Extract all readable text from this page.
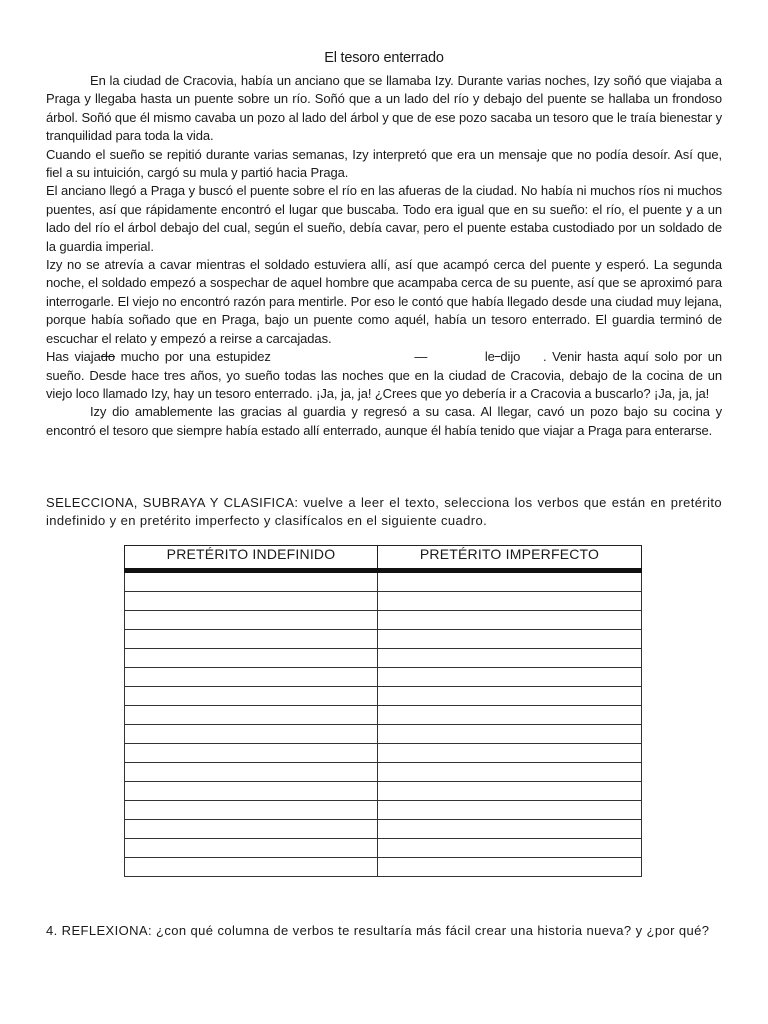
El tesoro enterrado

En la ciudad de Cracovia, había un anciano que se llamaba Izy. Durante varias noches, Izy soñó que viajaba a Praga y llegaba hasta un puente sobre un río. Soñó que a un lado del río y debajo del puente se hallaba un frondoso árbol. Soñó que él mismo cavaba un pozo al lado del árbol y que de ese pozo sacaba un tesoro que le traía bienestar y tranquilidad para toda la vida.

Cuando el sueño se repitió durante varias semanas, Izy interpretó que era un mensaje que no podía desoír. Así que, fiel a su intuición, cargó su mula y partió hacia Praga.

El anciano llegó a Praga y buscó el puente sobre el río en las afueras de la ciudad. No había ni muchos ríos ni muchos puentes, así que rápidamente encontró el lugar que buscaba. Todo era igual que en su sueño: el río, el puente y a un lado del río el árbol debajo del cual, según el sueño, debía cavar, pero el puente estaba custodiado por un soldado de la guardia imperial.

Izy no se atrevía a cavar mientras el soldado estuviera allí, así que acampó cerca del puente y esperó. La segunda noche, el soldado empezó a sospechar de aquel hombre que acampaba cerca de su puente, así que se aproximó para interrogarle. El viejo no encontró razón para mentirle. Por eso le contó que había llegado desde una ciudad muy lejana, porque había soñado que en Praga, bajo un puente como aquél, había un tesoro enterrado. El guardia terminó de escuchar el relato y empezó a reirse a carcajadas.

Has viajado mucho por una estupidez	—	le dijo . Venir hasta aquí solo por un sueño. Desde hace tres años, yo sueño todas las noches que en la ciudad de Cracovia, debajo de la cocina de un viejo loco llamado Izy, hay un tesoro enterrado. ¡Ja, ja, ja! ¿Crees que yo debería ir a Cracovia a buscarlo? ¡Ja, ja, ja!

Izy dio amablemente las gracias al guardia y regresó a su casa. Al llegar, cavó un pozo bajo su cocina y encontró el tesoro que siempre había estado allí enterrado, aunque él había tenido que viajar a Praga para enterarse.

SELECCIONA, SUBRAYA Y CLASIFICA: vuelve a leer el texto, selecciona los verbos que están en pretérito indefinido y en pretérito imperfecto y clasifícalos en el siguiente cuadro.
PRETÉRITO INDEFINIDO	PRETÉRITO IMPERFECTO

4. REFLEXIONA: ¿con qué columna de verbos te resultaría más fácil crear una historia nueva? y ¿por qué?
